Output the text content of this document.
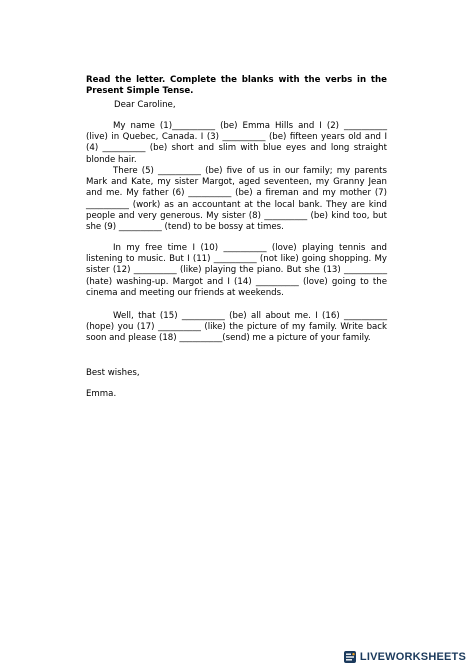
Read the letter. Complete the blanks with the verbs in the Present Simple Tense.

Dear Caroline,

My name (1)__________ (be) Emma Hills and I (2) __________ (live) in Quebec, Canada. I (3) __________ (be) fifteen years old and I (4) __________ (be) short and slim with blue eyes and long straight blonde hair.

There (5) __________ (be) five of us in our family; my parents Mark and Kate, my sister Margot, aged seventeen, my Granny Jean and me. My father (6) __________ (be) a fireman and my mother (7) __________ (work) as an accountant at the local bank. They are kind people and very generous. My sister (8) __________ (be) kind too, but she (9) __________ (tend) to be bossy at times.

In my free time I (10) __________ (love) playing tennis and listening to music. But I (11) __________ (not like) going shopping. My sister (12) __________ (like) playing the piano. But she (13) __________ (hate) washing-up. Margot and I (14) __________ (love) going to the cinema and meeting our friends at weekends.

Well, that (15) __________ (be) all about me. I (16) __________ (hope) you (17) __________ (like) the picture of my family. Write back soon and please (18) __________(send) me a picture of your family.

Best wishes,

Emma.

LIVEWORKSHEETS
